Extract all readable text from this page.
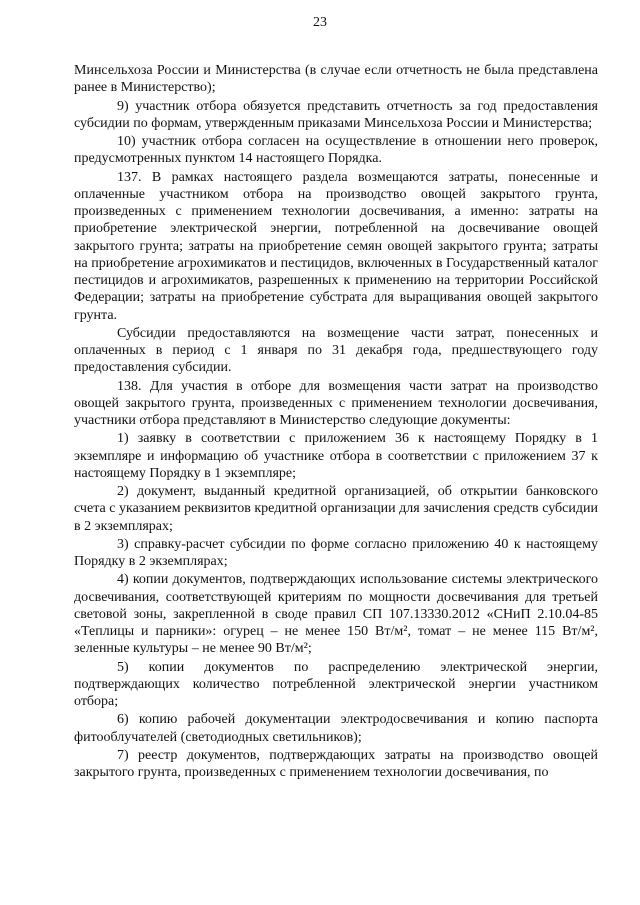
23

Минсельхоза России и Министерства (в случае если отчетность не была представлена ранее в Министерство);

9) участник отбора обязуется представить отчетность за год предоставления субсидии по формам, утвержденным приказами Минсельхоза России и Министерства;

10) участник отбора согласен на осуществление в отношении него проверок, предусмотренных пунктом 14 настоящего Порядка.

137. В рамках настоящего раздела возмещаются затраты, понесенные и оплаченные участником отбора на производство овощей закрытого грунта, произведенных с применением технологии досвечивания, а именно: затраты на приобретение электрической энергии, потребленной на досвечивание овощей закрытого грунта; затраты на приобретение семян овощей закрытого грунта; затраты на приобретение агрохимикатов и пестицидов, включенных в Государственный каталог пестицидов и агрохимикатов, разрешенных к применению на территории Российской Федерации; затраты на приобретение субстрата для выращивания овощей закрытого грунта.

Субсидии предоставляются на возмещение части затрат, понесенных и оплаченных в период с 1 января по 31 декабря года, предшествующего году предоставления субсидии.

138. Для участия в отборе для возмещения части затрат на производство овощей закрытого грунта, произведенных с применением технологии досвечивания, участники отбора представляют в Министерство следующие документы:

1) заявку в соответствии с приложением 36 к настоящему Порядку в 1 экземпляре и информацию об участнике отбора в соответствии с приложением 37 к настоящему Порядку в 1 экземпляре;

2) документ, выданный кредитной организацией, об открытии банковского счета с указанием реквизитов кредитной организации для зачисления средств субсидии в 2 экземплярах;

3) справку-расчет субсидии по форме согласно приложению 40 к настоящему Порядку в 2 экземплярах;

4) копии документов, подтверждающих использование системы электрического досвечивания, соответствующей критериям по мощности досвечивания для третьей световой зоны, закрепленной в своде правил СП 107.13330.2012 «СНиП 2.10.04-85 «Теплицы и парники»: огурец – не менее 150 Вт/м², томат – не менее 115 Вт/м², зеленные культуры – не менее 90 Вт/м²;

5) копии документов по распределению электрической энергии, подтверждающих количество потребленной электрической энергии участником отбора;

6) копию рабочей документации электродосвечивания и копию паспорта фитооблучателей (светодиодных светильников);

7) реестр документов, подтверждающих затраты на производство овощей закрытого грунта, произведенных с применением технологии досвечивания, по
